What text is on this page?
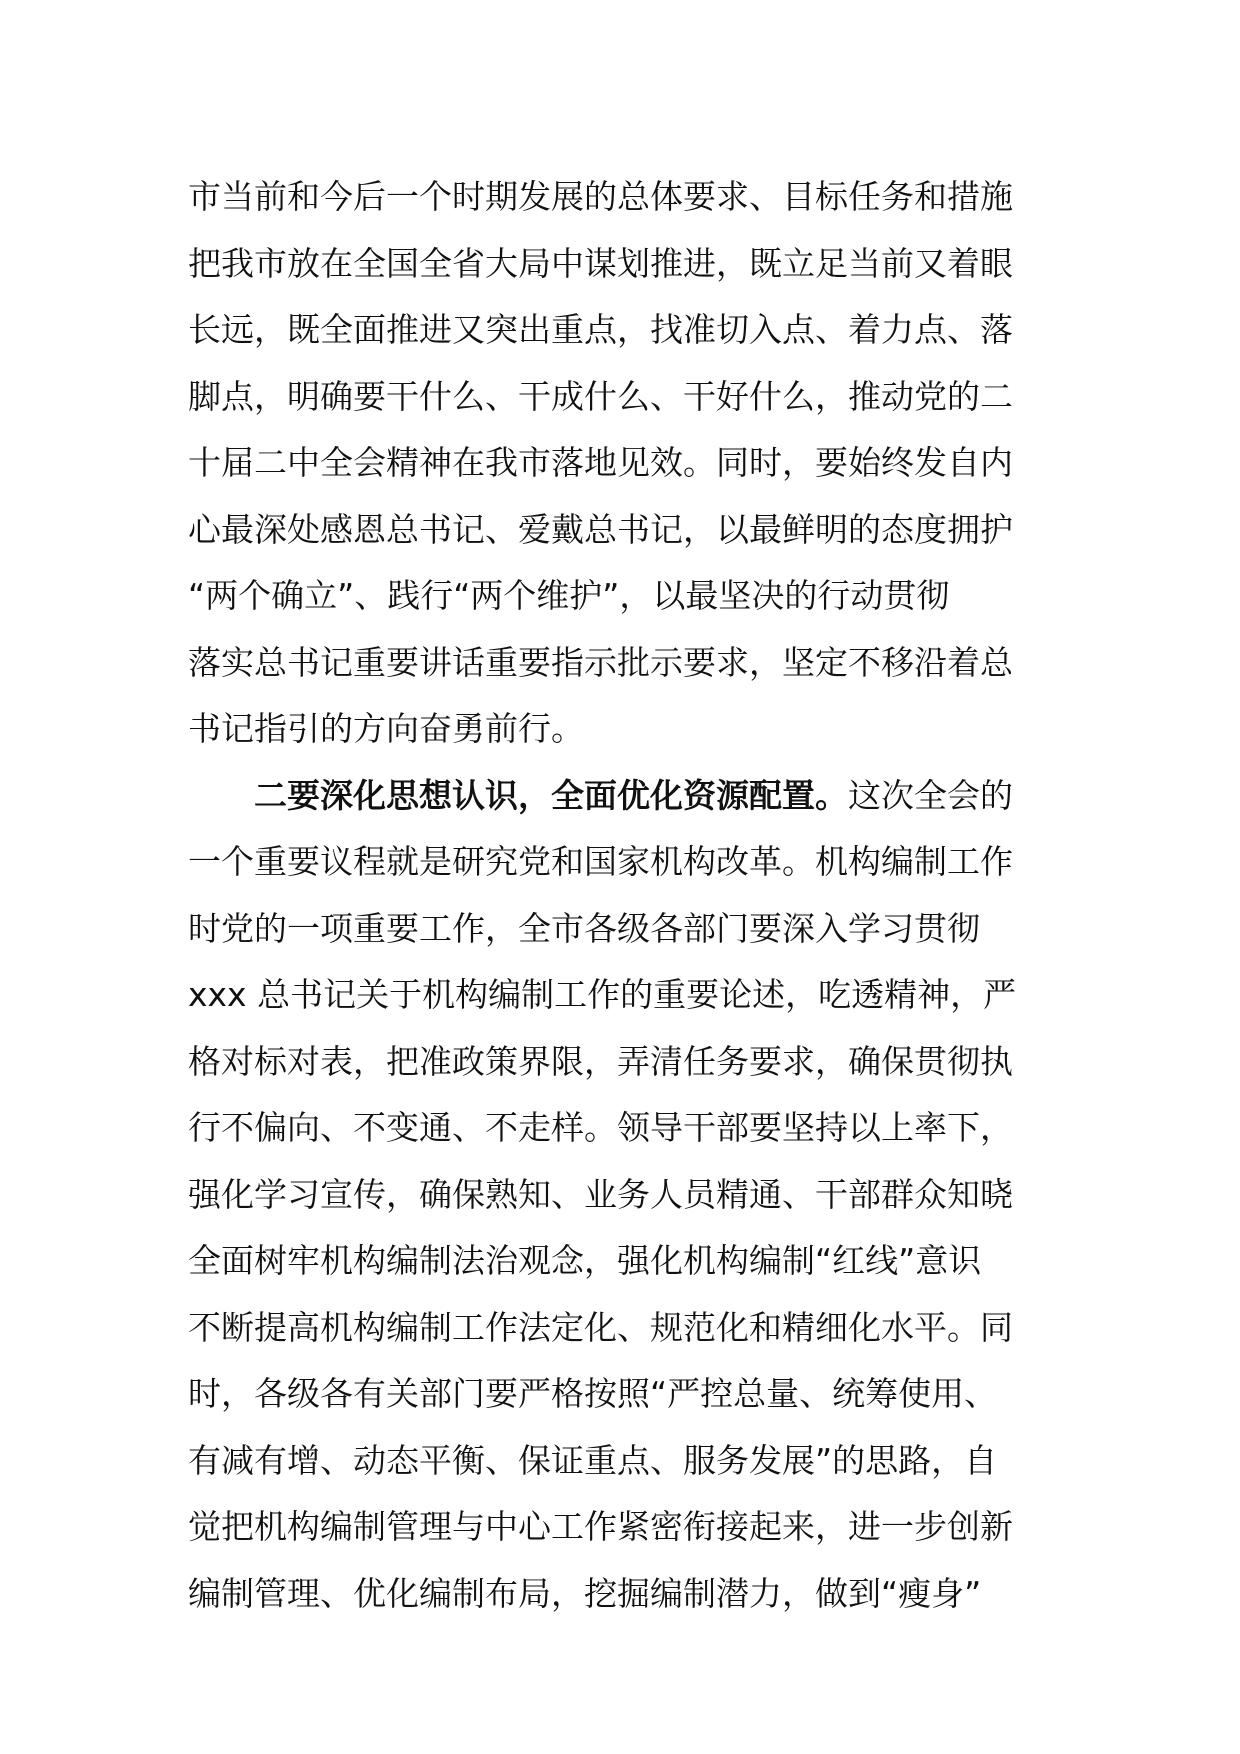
市当前和今后一个时期发展的总体要求、目标任务和措施
把我市放在全国全省大局中谋划推进，既立足当前又着眼
长远，既全面推进又突出重点，找准切入点、着力点、落
脚点，明确要干什么、干成什么、干好什么，推动党的二
十届二中全会精神在我市落地见效。同时，要始终发自内
心最深处感恩总书记、爱戴总书记，以最鲜明的态度拥护
“两个确立”、践行“两个维护”，以最坚决的行动贯彻
落实总书记重要讲话重要指示批示要求，坚定不移沿着总
书记指引的方向奋勇前行。
二要深化思想认识，全面优化资源配置。这次全会的
一个重要议程就是研究党和国家机构改革。机构编制工作
时党的一项重要工作，全市各级各部门要深入学习贯彻
xxx 总书记关于机构编制工作的重要论述，吃透精神，严
格对标对表，把准政策界限，弄清任务要求，确保贯彻执
行不偏向、不变通、不走样。领导干部要坚持以上率下，
强化学习宣传，确保熟知、业务人员精通、干部群众知晓
全面树牢机构编制法治观念，强化机构编制“红线”意识
不断提高机构编制工作法定化、规范化和精细化水平。同
时，各级各有关部门要严格按照“严控总量、统筹使用、
有减有增、动态平衡、保证重点、服务发展”的思路，自
觉把机构编制管理与中心工作紧密衔接起来，进一步创新
编制管理、优化编制布局，挖掘编制潜力，做到“瘦身”
